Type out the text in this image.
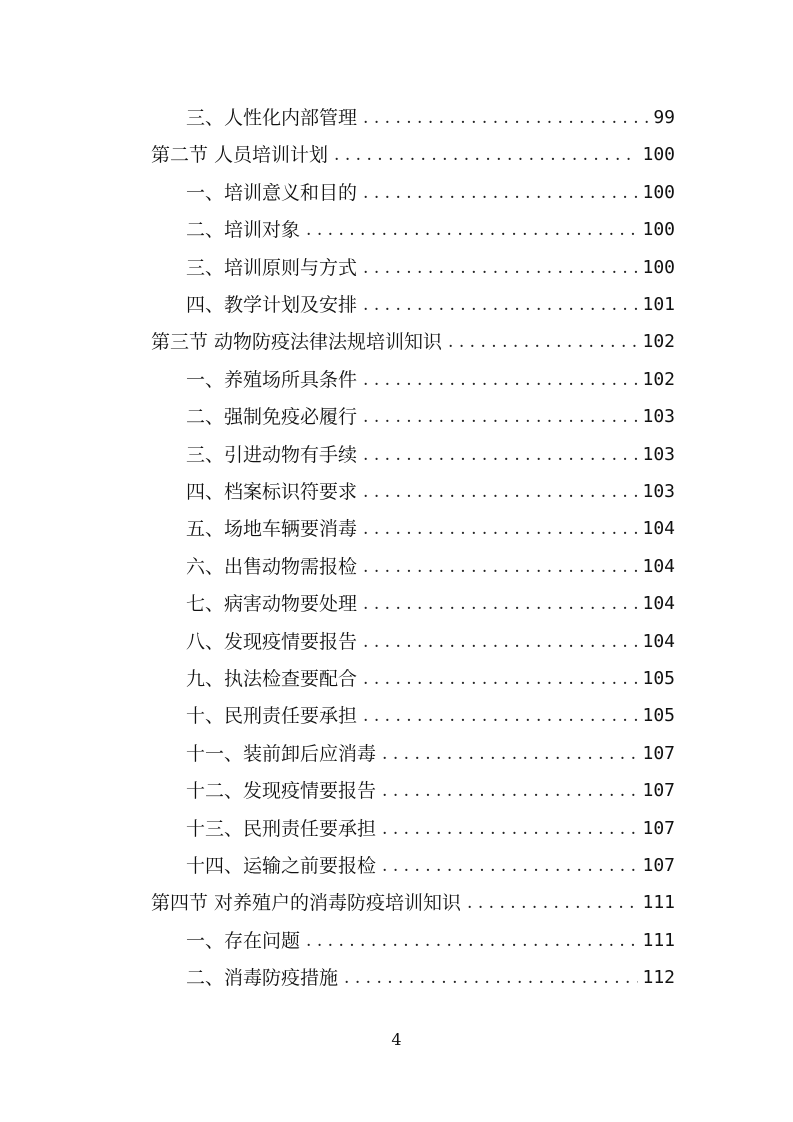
三、人性化内部管理 . . .	99
第二节 人员培训计划 . . .	100
一、培训意义和目的 . . .	100
二、培训对象 . . .	100
三、培训原则与方式 . . .	100
四、教学计划及安排 . . .	101
第三节 动物防疫法律法规培训知识 . . .	102
一、养殖场所具条件 . . .	102
二、强制免疫必履行 . . .	103
三、引进动物有手续 . . .	103
四、档案标识符要求 . . .	103
五、场地车辆要消毒 . . .	104
六、出售动物需报检 . . .	104
七、病害动物要处理 . . .	104
八、发现疫情要报告 . . .	104
九、执法检查要配合 . . .	105
十、民刑责任要承担 . . .	105
十一、装前卸后应消毒 . . .	107
十二、发现疫情要报告 . . .	107
十三、民刑责任要承担 . . .	107
十四、运输之前要报检 . . .	107
第四节 对养殖户的消毒防疫培训知识 . . .	111
一、存在问题 . . .	111
二、消毒防疫措施 . . .	112
4
